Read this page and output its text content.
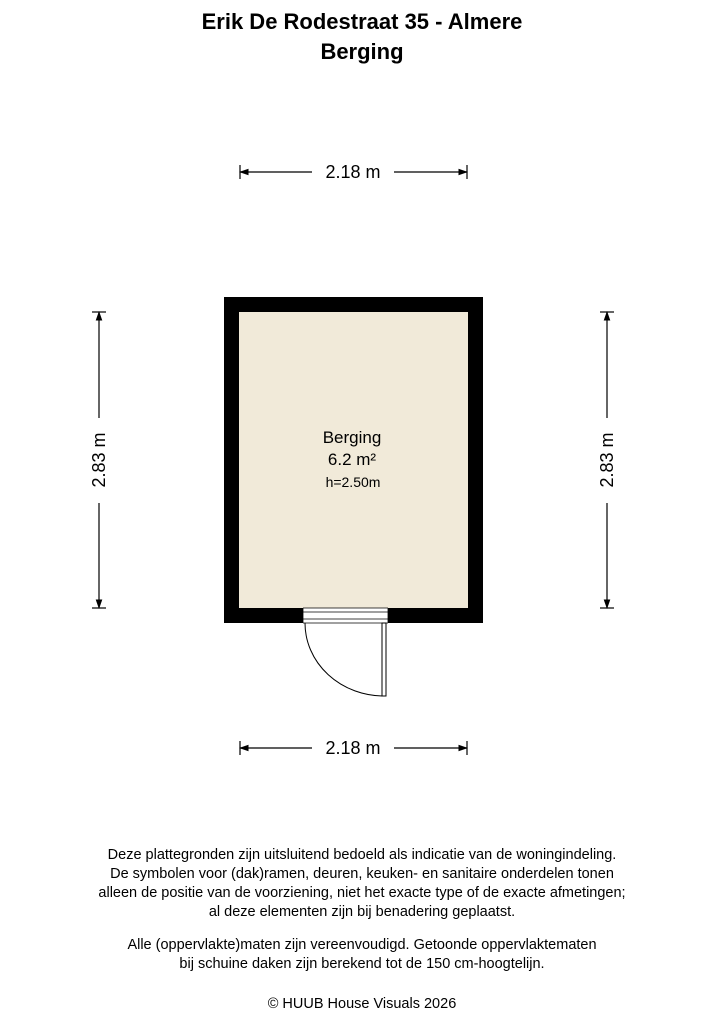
Erik De Rodestraat 35 - Almere
Berging
2.18 m
2.18 m
2.83 m	2.83 m
Berging
6.2 m²
h=2.50m
Deze plattegronden zijn uitsluitend bedoeld als indicatie van de woningindeling.
De symbolen voor (dak)ramen, deuren, keuken- en sanitaire onderdelen tonen
alleen de positie van de voorziening, niet het exacte type of de exacte afmetingen;
al deze elementen zijn bij benadering geplaatst.
Alle (oppervlakte)maten zijn vereenvoudigd. Getoonde oppervlaktematen
bij schuine daken zijn berekend tot de 150 cm-hoogtelijn.
© HUUB House Visuals 2026
